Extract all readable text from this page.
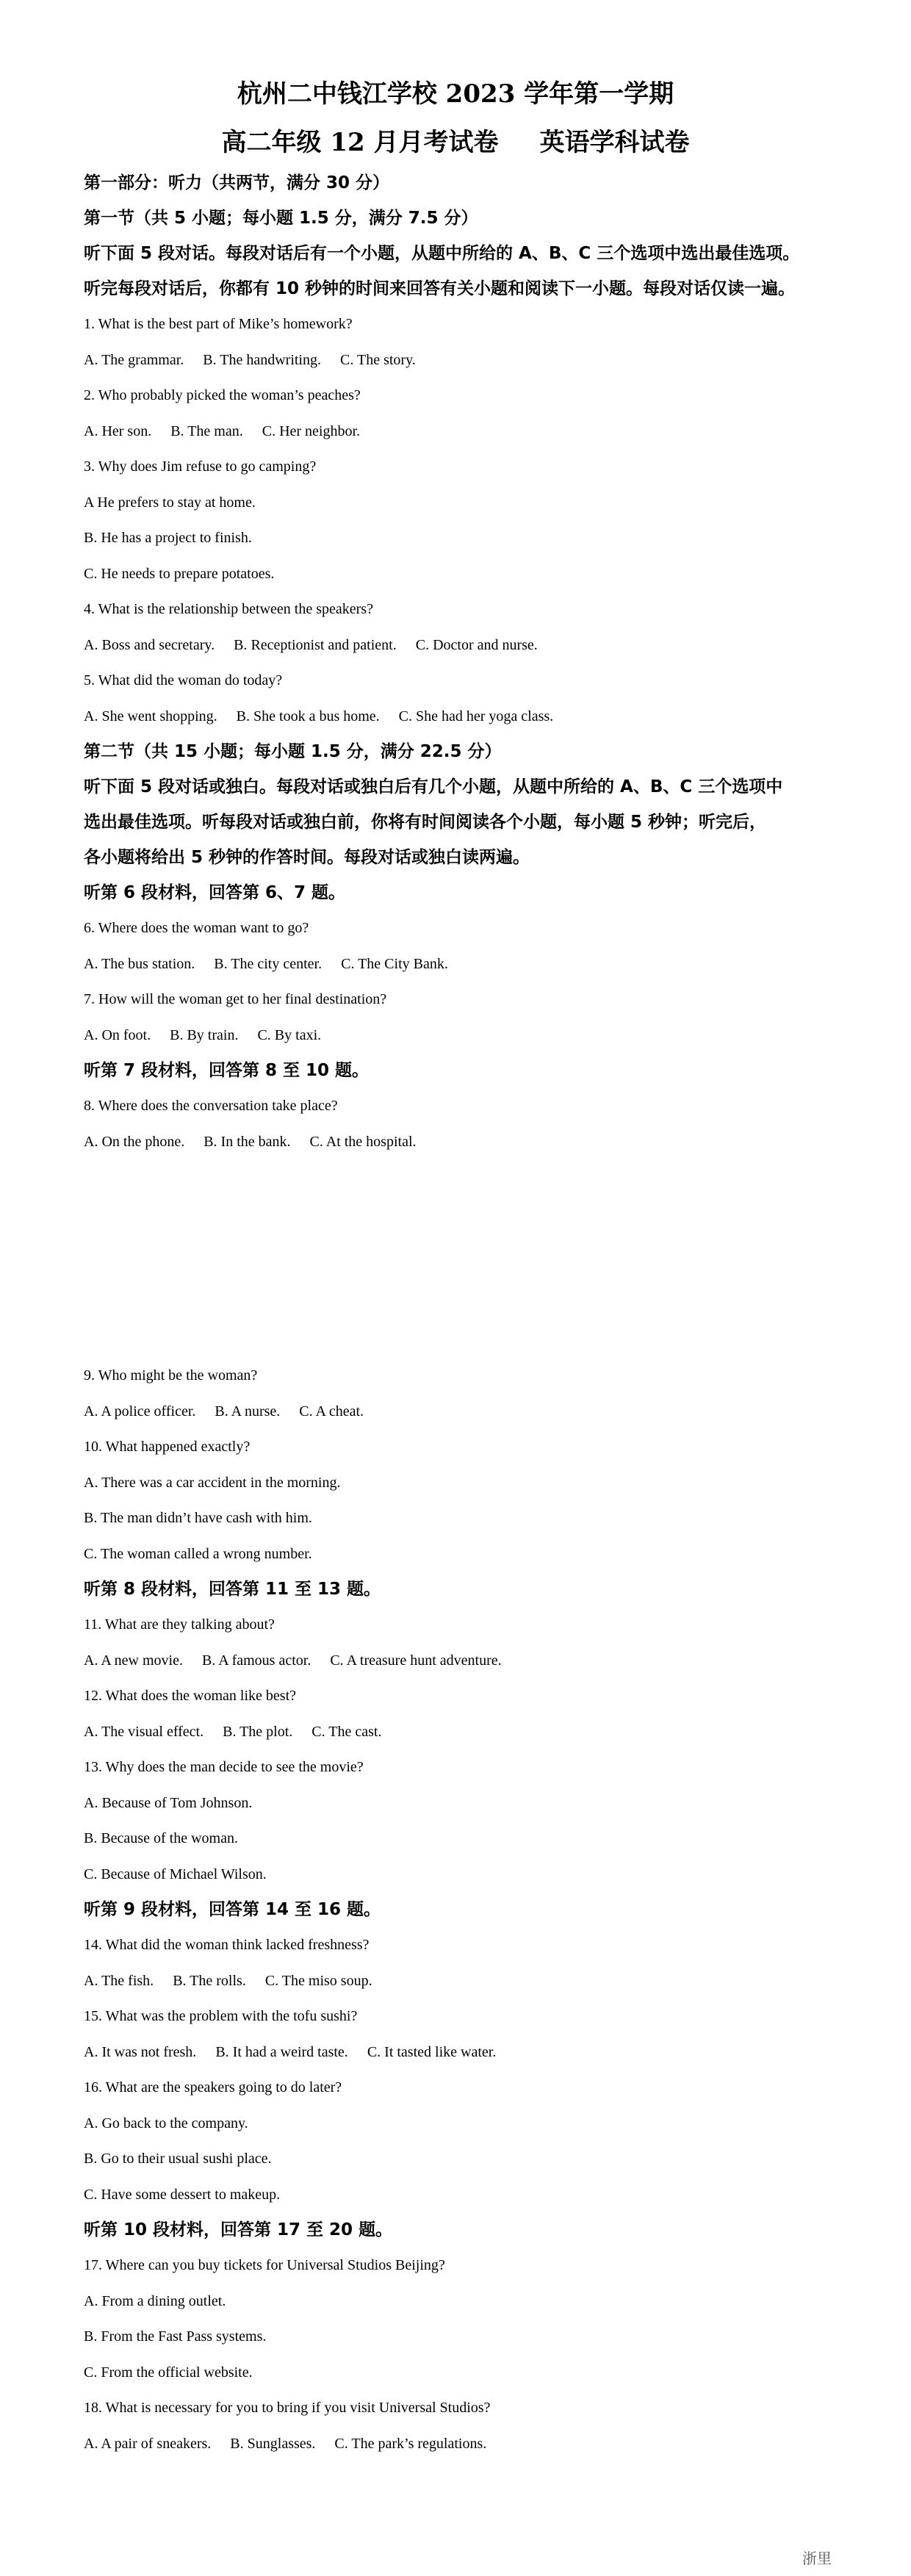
杭州二中钱江学校 2023 学年第一学期
高二年级 12 月月考试卷 英语学科试卷
第一部分：听力（共两节，满分 30 分）
第一节（共 5 小题；每小题 1.5 分，满分 7.5 分）
听下面 5 段对话。每段对话后有一个小题，从题中所给的 A、B、C 三个选项中选出最佳选项。
听完每段对话后，你都有 10 秒钟的时间来回答有关小题和阅读下一小题。每段对话仅读一遍。
1. What is the best part of Mike’s homework?
A. The grammar. B. The handwriting. C. The story.
2. Who probably picked the woman’s peaches?
A. Her son. B. The man. C. Her neighbor.
3. Why does Jim refuse to go camping?
A He prefers to stay at home.
B. He has a project to finish.
C. He needs to prepare potatoes.
4. What is the relationship between the speakers?
A. Boss and secretary. B. Receptionist and patient. C. Doctor and nurse.
5. What did the woman do today?
A. She went shopping. B. She took a bus home. C. She had her yoga class.
第二节（共 15 小题；每小题 1.5 分，满分 22.5 分）
听下面 5 段对话或独白。每段对话或独白后有几个小题，从题中所给的 A、B、C 三个选项中
选出最佳选项。听每段对话或独白前，你将有时间阅读各个小题，每小题 5 秒钟；听完后，
各小题将给出 5 秒钟的作答时间。每段对话或独白读两遍。
听第 6 段材料，回答第 6、7 题。
6. Where does the woman want to go?
A. The bus station. B. The city center. C. The City Bank.
7. How will the woman get to her final destination?
A. On foot. B. By train. C. By taxi.
听第 7 段材料，回答第 8 至 10 题。
8. Where does the conversation take place?
A. On the phone. B. In the bank. C. At the hospital.
9. Who might be the woman?
A. A police officer. B. A nurse. C. A cheat.
10. What happened exactly?
A. There was a car accident in the morning.
B. The man didn’t have cash with him.
C. The woman called a wrong number.
听第 8 段材料，回答第 11 至 13 题。
11. What are they talking about?
A. A new movie. B. A famous actor. C. A treasure hunt adventure.
12. What does the woman like best?
A. The visual effect. B. The plot. C. The cast.
13. Why does the man decide to see the movie?
A. Because of Tom Johnson.
B. Because of the woman.
C. Because of Michael Wilson.
听第 9 段材料，回答第 14 至 16 题。
14. What did the woman think lacked freshness?
A. The fish. B. The rolls. C. The miso soup.
15. What was the problem with the tofu sushi?
A. It was not fresh. B. It had a weird taste. C. It tasted like water.
16. What are the speakers going to do later?
A. Go back to the company.
B. Go to their usual sushi place.
C. Have some dessert to makeup.
听第 10 段材料，回答第 17 至 20 题。
17. Where can you buy tickets for Universal Studios Beijing?
A. From a dining outlet.
B. From the Fast Pass systems.
C. From the official website.
18. What is necessary for you to bring if you visit Universal Studios?
A. A pair of sneakers. B. Sunglasses. C. The park’s regulations.
浙里
